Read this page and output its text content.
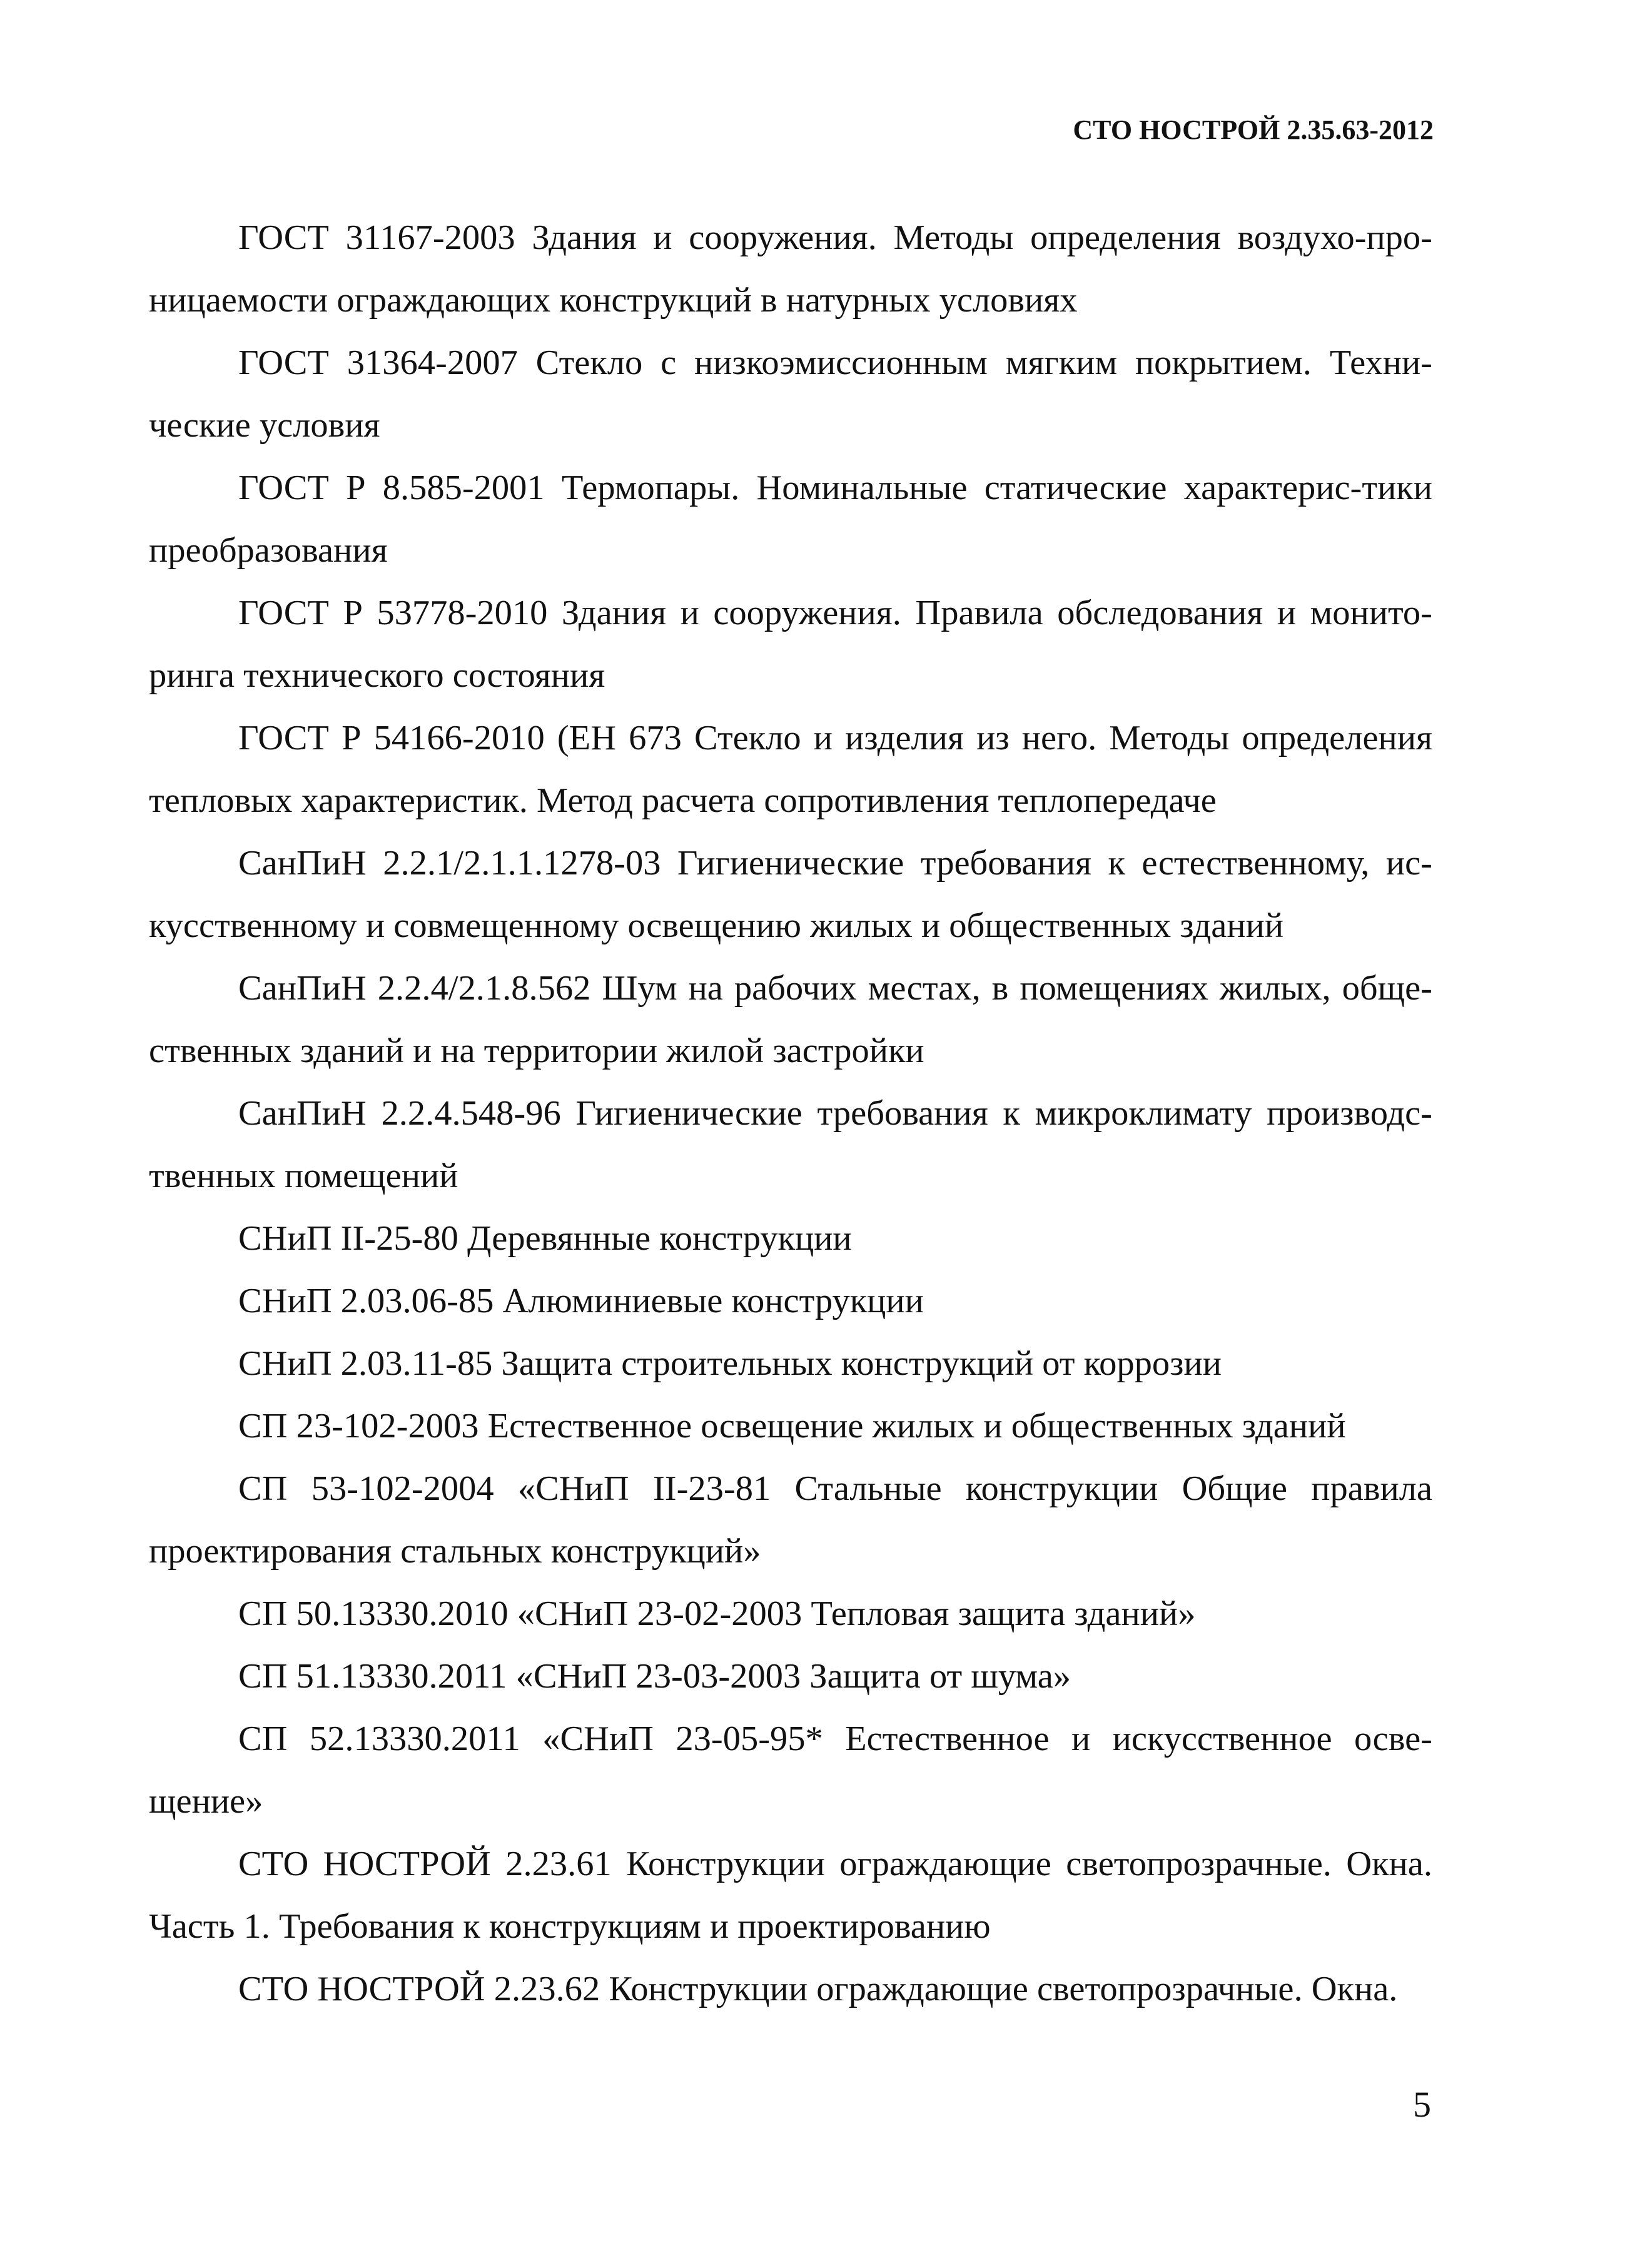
СТО НОСТРОЙ 2.35.63-2012

ГОСТ 31167-2003 Здания и сооружения. Методы определения воздухо-про- ницаемости ограждающих конструкций в натурных условиях

ГОСТ 31364-2007 Стекло с низкоэмиссионным мягким покрытием. Техни- ческие условия

ГОСТ Р 8.585-2001 Термопары. Номинальные статические характерис-тики преобразования

ГОСТ Р 53778-2010 Здания и сооружения. Правила обследования и монито- ринга технического состояния

ГОСТ Р 54166-2010 (ЕН 673 Стекло и изделия из него. Методы определения тепловых характеристик. Метод расчета сопротивления теплопередаче

СанПиН 2.2.1/2.1.1.1278-03 Гигиенические требования к естественному, ис- кусственному и совмещенному освещению жилых и общественных зданий

СанПиН 2.2.4/2.1.8.562 Шум на рабочих местах, в помещениях жилых, обще- ственных зданий и на территории жилой застройки

СанПиН 2.2.4.548-96 Гигиенические требования к микроклимату производс- твенных помещений

СНиП II-25-80 Деревянные конструкции

СНиП 2.03.06-85 Алюминиевые конструкции

СНиП 2.03.11-85 Защита строительных конструкций от коррозии

СП 23-102-2003 Естественное освещение жилых и общественных зданий

СП 53-102-2004 «СНиП II-23-81 Стальные конструкции Общие правила проектирования стальных конструкций»

СП 50.13330.2010 «СНиП 23-02-2003 Тепловая защита зданий»

СП 51.13330.2011 «СНиП 23-03-2003 Защита от шума»

СП 52.13330.2011 «СНиП 23-05-95* Естественное и искусственное осве- щение»

СТО НОСТРОЙ 2.23.61 Конструкции ограждающие светопрозрачные. Окна. Часть 1. Требования к конструкциям и проектированию

СТО НОСТРОЙ 2.23.62 Конструкции ограждающие светопрозрачные. Окна.

5
